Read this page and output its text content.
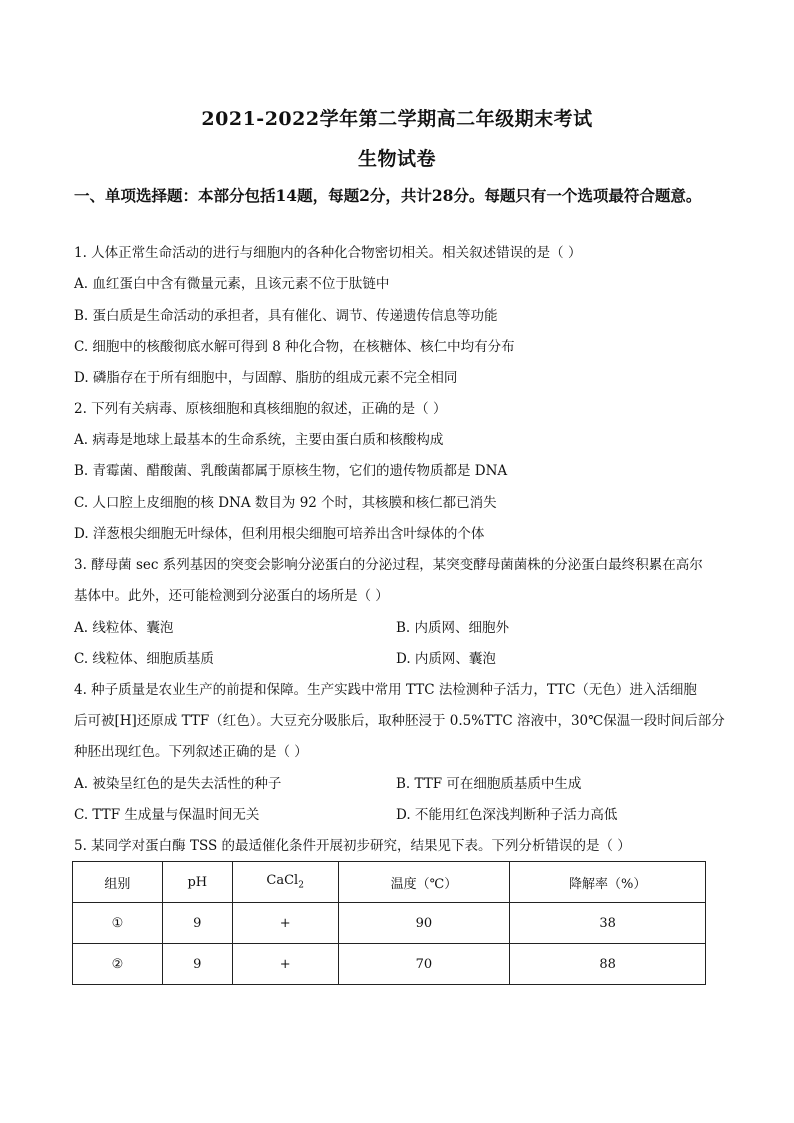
2021-2022学年第二学期高二年级期末考试
生物试卷
一、单项选择题：本部分包括14题，每题2分，共计28分。每题只有一个选项最符合题意。
1. 人体正常生命活动的进行与细胞内的各种化合物密切相关。相关叙述错误的是（ ）
A. 血红蛋白中含有微量元素，且该元素不位于肽链中
B. 蛋白质是生命活动的承担者，具有催化、调节、传递遗传信息等功能
C. 细胞中的核酸彻底水解可得到 8 种化合物，在核糖体、核仁中均有分布
D. 磷脂存在于所有细胞中，与固醇、脂肪的组成元素不完全相同
2. 下列有关病毒、原核细胞和真核细胞的叙述，正确的是（ ）
A. 病毒是地球上最基本的生命系统，主要由蛋白质和核酸构成
B. 青霉菌、醋酸菌、乳酸菌都属于原核生物，它们的遗传物质都是 DNA
C. 人口腔上皮细胞的核 DNA 数目为 92 个时，其核膜和核仁都已消失
D. 洋葱根尖细胞无叶绿体，但利用根尖细胞可培养出含叶绿体的个体
3. 酵母菌 sec 系列基因的突变会影响分泌蛋白的分泌过程，某突变酵母菌菌株的分泌蛋白最终积累在高尔
基体中。此外，还可能检测到分泌蛋白的场所是（ ）
A. 线粒体、囊泡	B. 内质网、细胞外
C. 线粒体、细胞质基质	D. 内质网、囊泡
4. 种子质量是农业生产的前提和保障。生产实践中常用 TTC 法检测种子活力，TTC（无色）进入活细胞
后可被[H]还原成 TTF（红色）。大豆充分吸胀后，取种胚浸于 0.5%TTC 溶液中，30℃保温一段时间后部分
种胚出现红色。下列叙述正确的是（ ）
A. 被染呈红色的是失去活性的种子	B. TTF 可在细胞质基质中生成
C. TTF 生成量与保温时间无关	D. 不能用红色深浅判断种子活力高低
5. 某同学对蛋白酶 TSS 的最适催化条件开展初步研究，结果见下表。下列分析错误的是（ ）
组别	pH	CaCl$_2$	温度（℃）	降解率（%）
①	9	+	90	38
②	9	+	70	88
